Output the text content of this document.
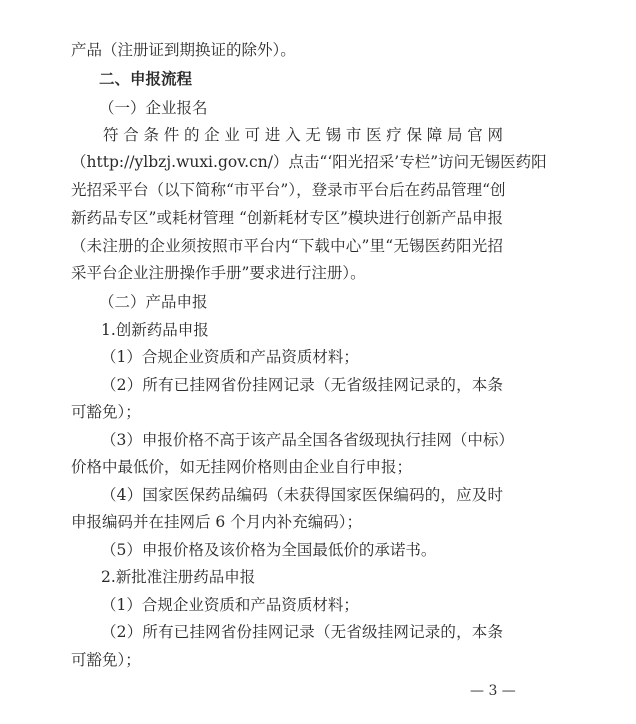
产品（注册证到期换证的除外）。
二、申报流程
（一）企业报名
符合条件的企业可进入无锡市医疗保障局官网
（http://ylbzj.wuxi.gov.cn/）点击“‘阳光招采’专栏”访问无锡医药阳
光招采平台（以下简称“市平台”），登录市平台后在药品管理“创
新药品专区”或耗材管理 “创新耗材专区”模块进行创新产品申报
（未注册的企业须按照市平台内“下载中心”里“无锡医药阳光招
采平台企业注册操作手册”要求进行注册）。
（二）产品申报
1.创新药品申报
（1）合规企业资质和产品资质材料；
（2）所有已挂网省份挂网记录（无省级挂网记录的，本条
可豁免）；
（3）申报价格不高于该产品全国各省级现执行挂网（中标）
价格中最低价，如无挂网价格则由企业自行申报；
（4）国家医保药品编码（未获得国家医保编码的，应及时
申报编码并在挂网后 6 个月内补充编码）；
（5）申报价格及该价格为全国最低价的承诺书。
2.新批准注册药品申报
（1）合规企业资质和产品资质材料；
（2）所有已挂网省份挂网记录（无省级挂网记录的，本条
可豁免）；
— 3 —
